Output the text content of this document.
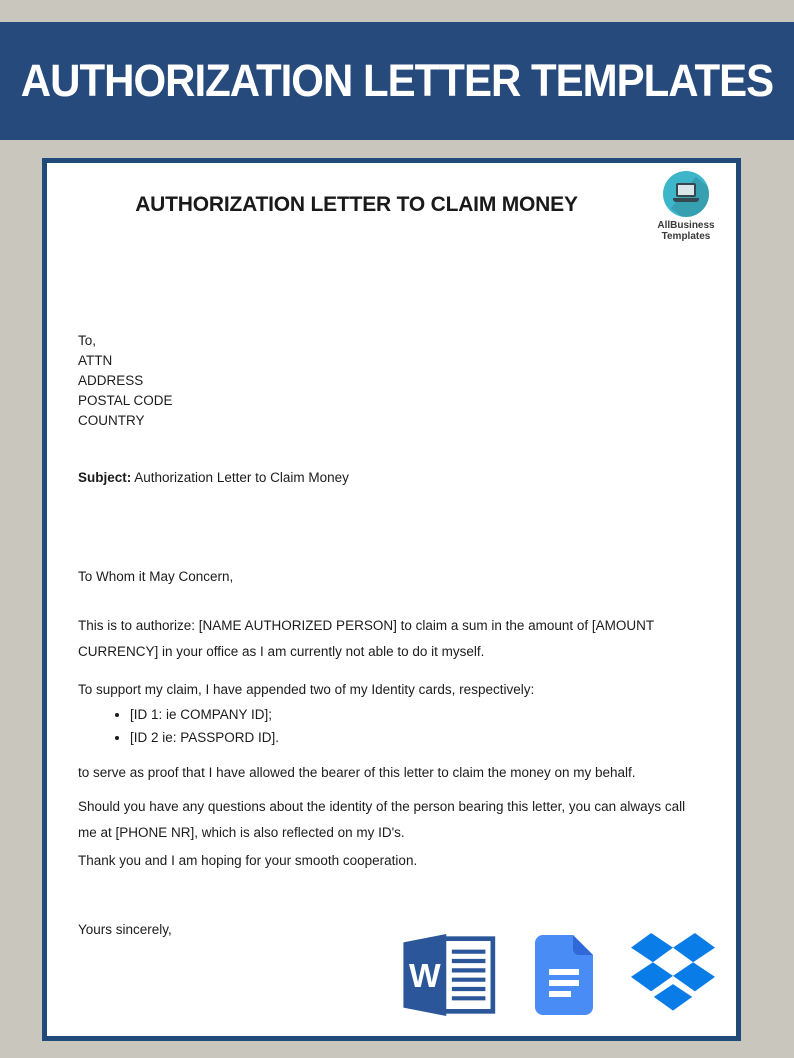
AUTHORIZATION LETTER TEMPLATES
AUTHORIZATION LETTER TO CLAIM MONEY
AllBusiness
Templates
To,
ATTN
ADDRESS
POSTAL CODE
COUNTRY
Subject: Authorization Letter to Claim Money
To Whom it May Concern,

This is to authorize: [NAME AUTHORIZED PERSON] to claim a sum in the amount of [AMOUNT CURRENCY] in your office as I am currently not able to do it myself.

To support my claim, I have appended two of my Identity cards, respectively:

• [ID 1: ie COMPANY ID];
• [ID 2 ie: PASSPORD ID].

to serve as proof that I have allowed the bearer of this letter to claim the money on my behalf.

Should you have any questions about the identity of the person bearing this letter, you can always call me at [PHONE NR], which is also reflected on my ID's.

Thank you and I am hoping for your smooth cooperation.

Yours sincerely,
W
